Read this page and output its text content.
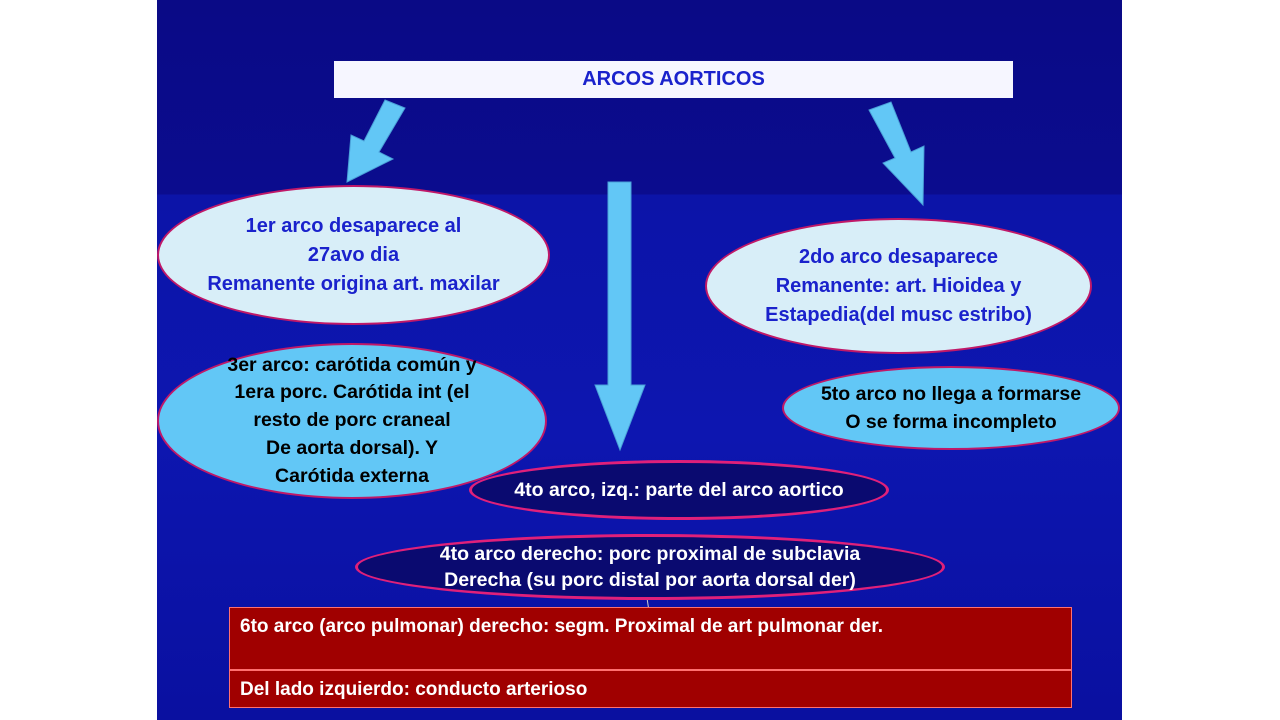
ARCOS AORTICOS
1er arco desaparece al
27avo dia
Remanente origina art. maxilar
2do arco desaparece
Remanente: art. Hioidea y
Estapedia(del musc estribo)
3er arco: carótida común y
1era porc. Carótida int (el
resto de porc craneal
De aorta dorsal). Y
Carótida externa
5to arco no llega a formarse
O se forma incompleto
4to arco, izq.: parte del arco aortico
4to arco derecho: porc proximal de subclavia
Derecha (su porc distal por aorta dorsal der)
6to arco (arco pulmonar) derecho: segm. Proximal de art pulmonar der.
Del lado izquierdo: conducto arterioso
